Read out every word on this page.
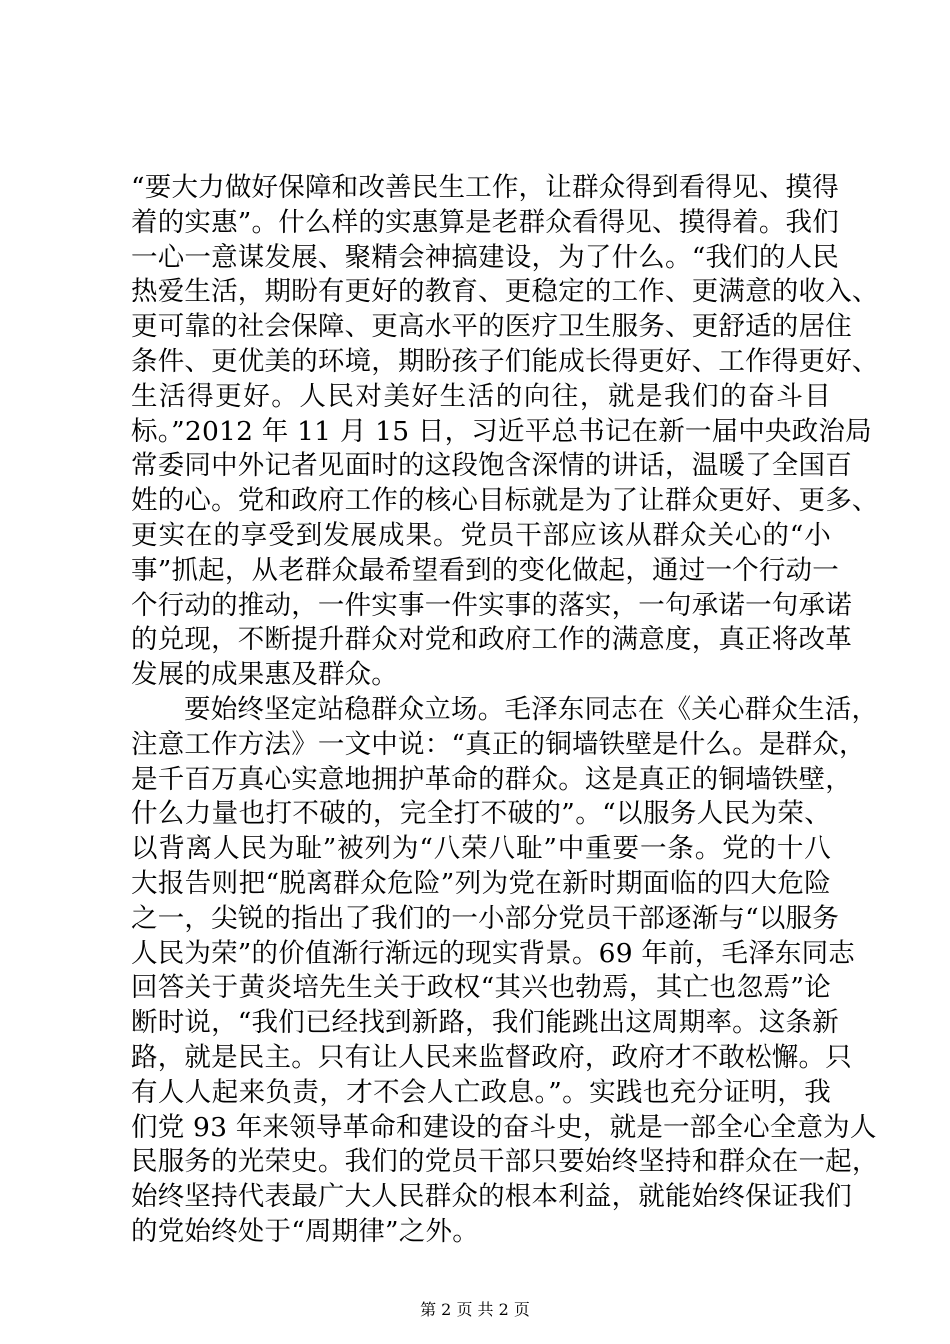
“要大力做好保障和改善民生工作，让群众得到看得见、摸得
着的实惠”。什么样的实惠算是老群众看得见、摸得着。我们
一心一意谋发展、聚精会神搞建设，为了什么。“我们的人民
热爱生活，期盼有更好的教育、更稳定的工作、更满意的收入、
更可靠的社会保障、更高水平的医疗卫生服务、更舒适的居住
条件、更优美的环境，期盼孩子们能成长得更好、工作得更好、
生活得更好。人民对美好生活的向往，就是我们的奋斗目
标。”2012 年 11 月 15 日，习近平总书记在新一届中央政治局
常委同中外记者见面时的这段饱含深情的讲话，温暖了全国百
姓的心。党和政府工作的核心目标就是为了让群众更好、更多、
更实在的享受到发展成果。党员干部应该从群众关心的“小
事”抓起，从老群众最希望看到的变化做起，通过一个行动一
个行动的推动，一件实事一件实事的落实，一句承诺一句承诺
的兑现，不断提升群众对党和政府工作的满意度，真正将改革
发展的成果惠及群众。
要始终坚定站稳群众立场。毛泽东同志在《关心群众生活，
注意工作方法》一文中说：“真正的铜墙铁壁是什么。是群众，
是千百万真心实意地拥护革命的群众。这是真正的铜墙铁壁，
什么力量也打不破的，完全打不破的”。“以服务人民为荣、
以背离人民为耻”被列为“八荣八耻”中重要一条。党的十八
大报告则把“脱离群众危险”列为党在新时期面临的四大危险
之一，尖锐的指出了我们的一小部分党员干部逐渐与“以服务
人民为荣”的价值渐行渐远的现实背景。69 年前，毛泽东同志
回答关于黄炎培先生关于政权“其兴也勃焉，其亡也忽焉”论
断时说，“我们已经找到新路，我们能跳出这周期率。这条新
路，就是民主。只有让人民来监督政府，政府才不敢松懈。只
有人人起来负责，才不会人亡政息。”。实践也充分证明，我
们党 93 年来领导革命和建设的奋斗史，就是一部全心全意为人
民服务的光荣史。我们的党员干部只要始终坚持和群众在一起，
始终坚持代表最广大人民群众的根本利益，就能始终保证我们
的党始终处于“周期律”之外。
第 2 页 共 2 页
